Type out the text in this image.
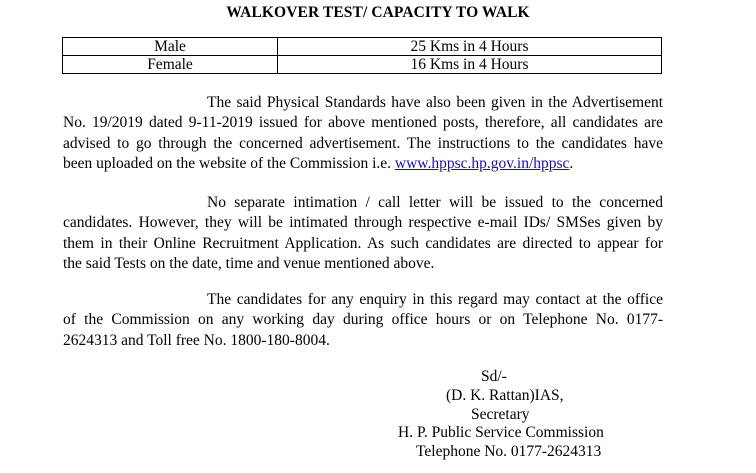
WALKOVER TEST/ CAPACITY TO WALK
Male	25 Kms in 4 Hours
Female	16 Kms in 4 Hours
The said Physical Standards have also been given in the Advertisement
No. 19/2019 dated 9-11-2019 issued for above mentioned posts, therefore, all candidates are
advised to go through the concerned advertisement. The instructions to the candidates have
been uploaded on the website of the Commission i.e. www.hppsc.hp.gov.in/hppsc.
No separate intimation / call letter will be issued to the concerned
candidates. However, they will be intimated through respective e-mail IDs/ SMSes given by
them in their Online Recruitment Application. As such candidates are directed to appear for
the said Tests on the date, time and venue mentioned above.
The candidates for any enquiry in this regard may contact at the office
of the Commission on any working day during office hours or on Telephone No. 0177-
2624313 and Toll free No. 1800-180-8004.
Sd/-
(D. K. Rattan)IAS,
Secretary
H. P. Public Service Commission
Telephone No. 0177-2624313
